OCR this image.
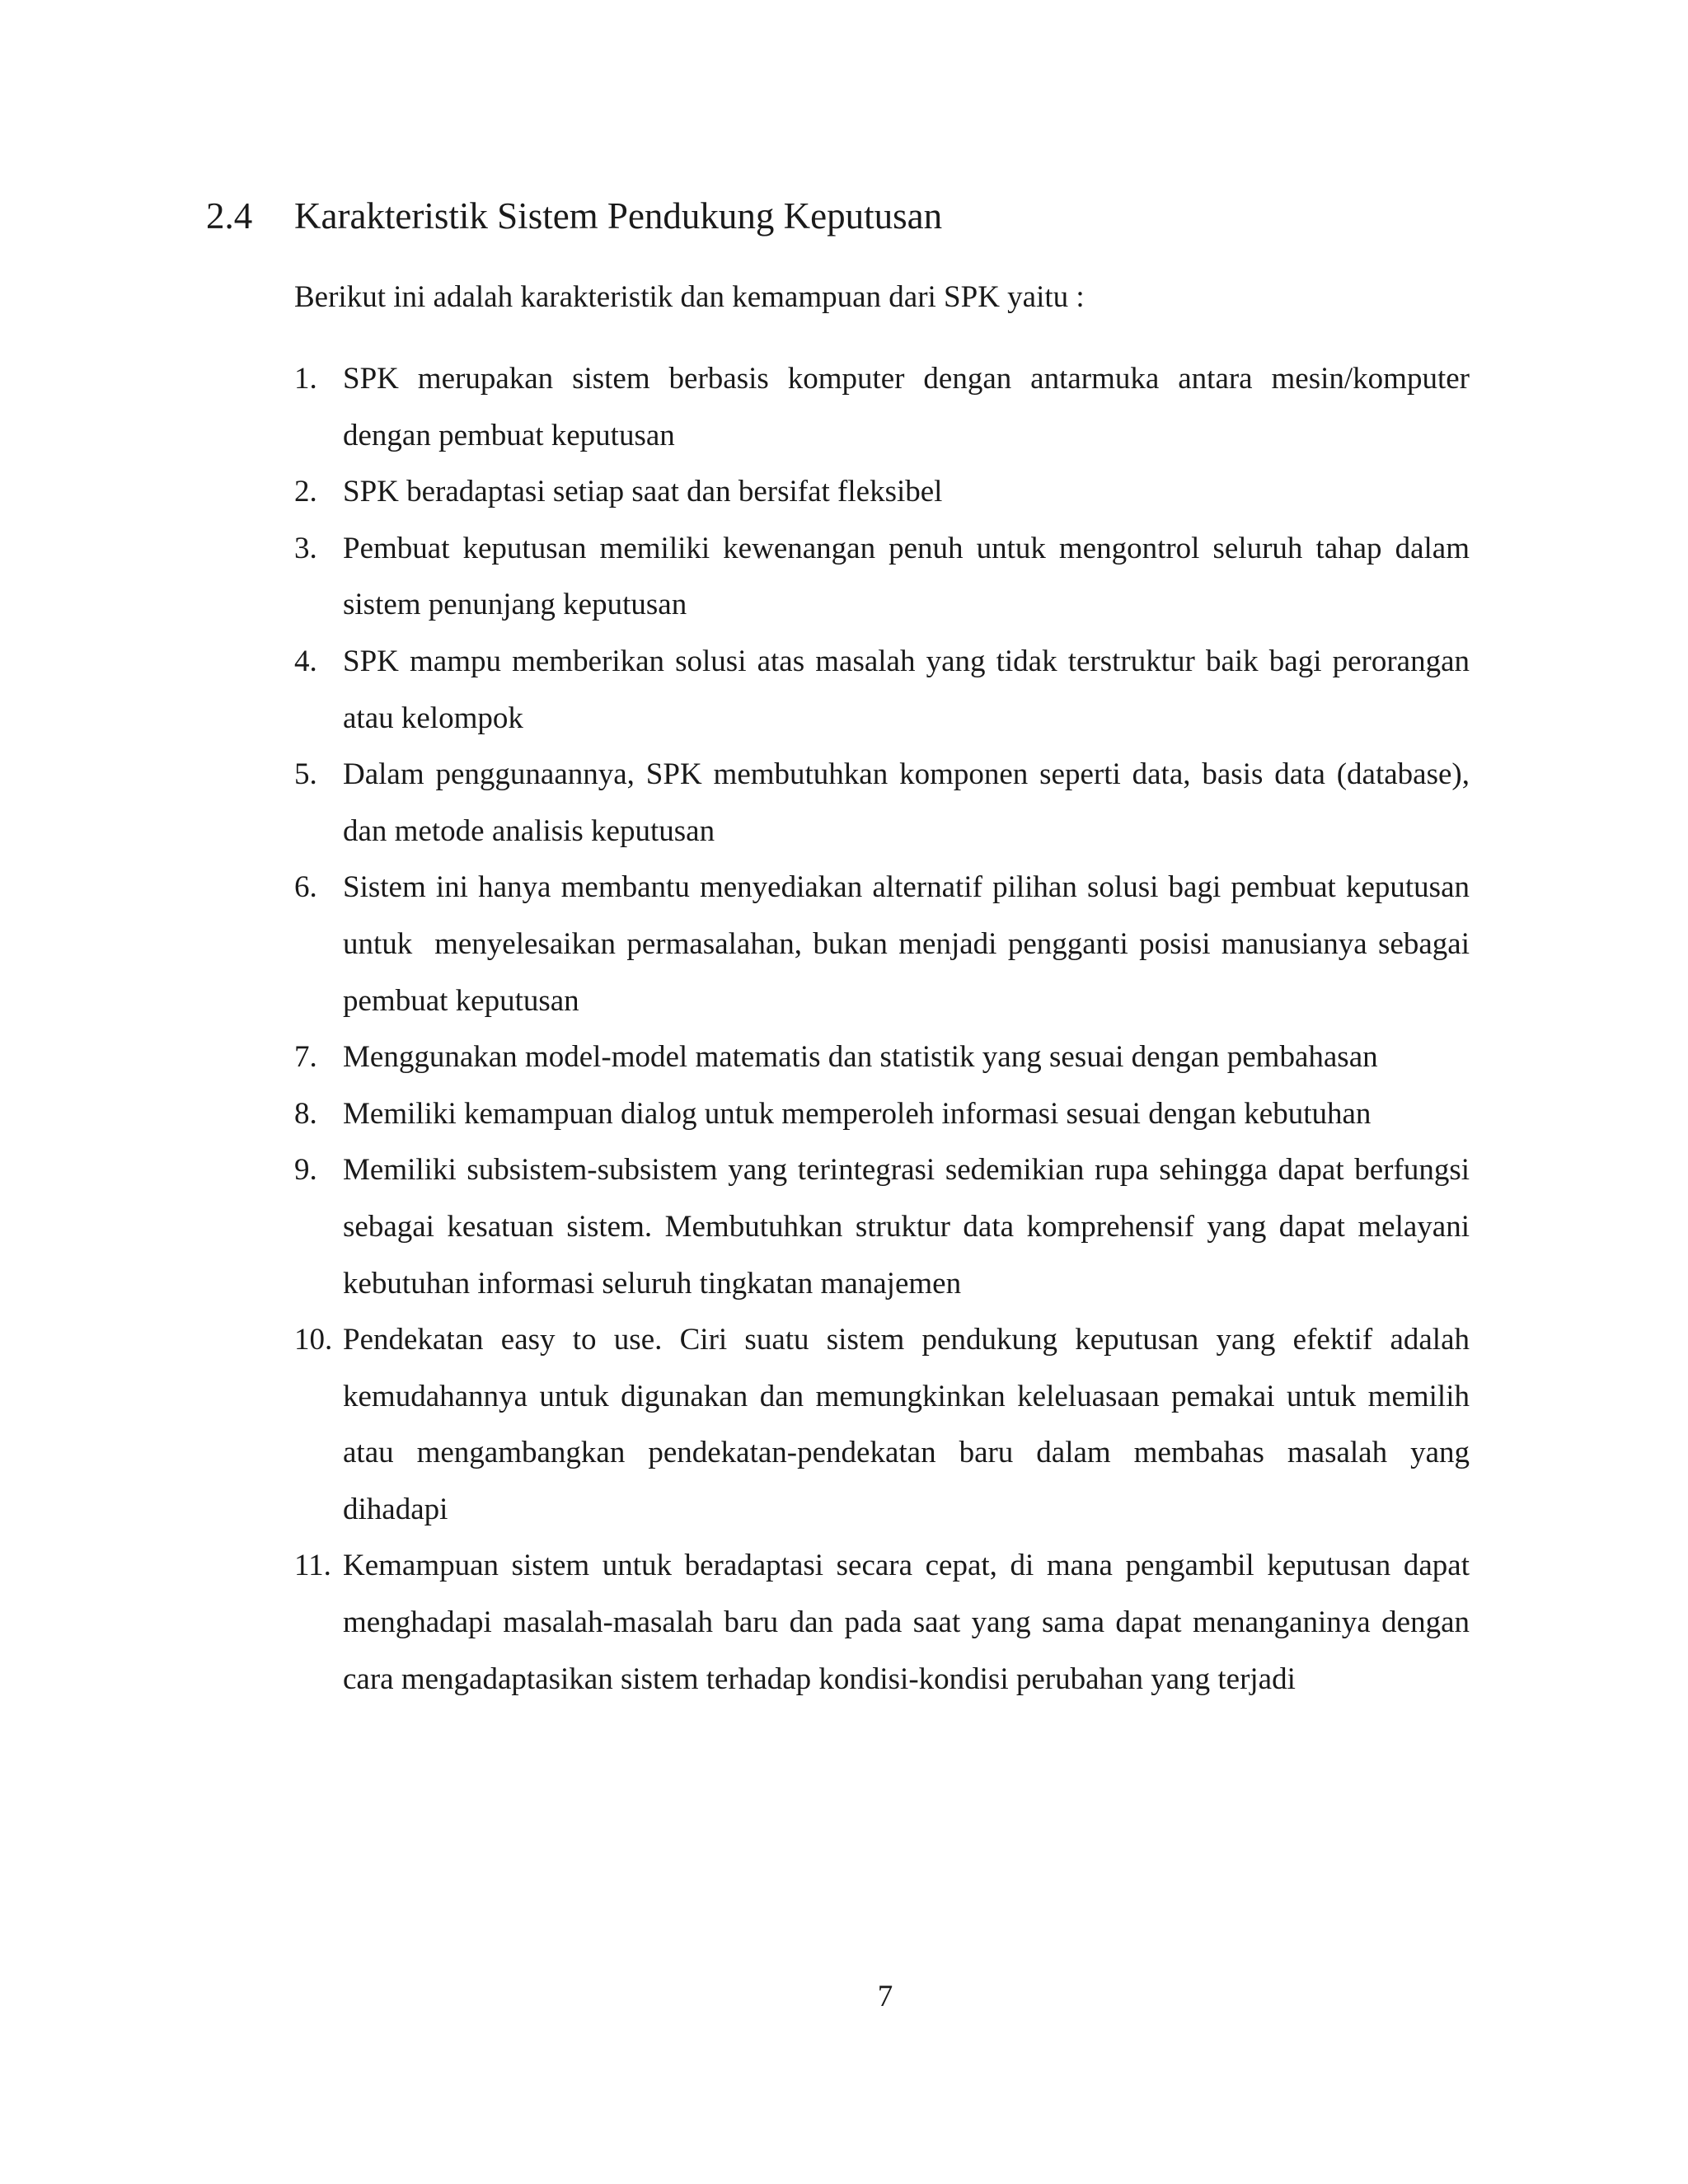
2.4 Karakteristik Sistem Pendukung Keputusan

Berikut ini adalah karakteristik dan kemampuan dari SPK yaitu :

1. SPK merupakan sistem berbasis komputer dengan antarmuka antara mesin/komputer dengan pembuat keputusan
2. SPK beradaptasi setiap saat dan bersifat fleksibel
3. Pembuat keputusan memiliki kewenangan penuh untuk mengontrol seluruh tahap dalam sistem penunjang keputusan
4. SPK mampu memberikan solusi atas masalah yang tidak terstruktur baik bagi perorangan atau kelompok
5. Dalam penggunaannya, SPK membutuhkan komponen seperti data, basis data (database), dan metode analisis keputusan
6. Sistem ini hanya membantu menyediakan alternatif pilihan solusi bagi pembuat keputusan untuk  menyelesaikan permasalahan, bukan menjadi pengganti posisi manusianya sebagai pembuat keputusan
7. Menggunakan model-model matematis dan statistik yang sesuai dengan pembahasan
8. Memiliki kemampuan dialog untuk memperoleh informasi sesuai dengan kebutuhan
9. Memiliki subsistem-subsistem yang terintegrasi sedemikian rupa sehingga dapat berfungsi sebagai kesatuan sistem. Membutuhkan struktur data komprehensif yang dapat melayani kebutuhan informasi seluruh tingkatan manajemen
10. Pendekatan easy to use. Ciri suatu sistem pendukung keputusan yang efektif adalah kemudahannya untuk digunakan dan memungkinkan keleluasaan pemakai untuk memilih atau mengambangkan pendekatan-pendekatan baru dalam membahas masalah yang dihadapi
11. Kemampuan sistem untuk beradaptasi secara cepat, di mana pengambil keputusan dapat menghadapi masalah-masalah baru dan pada saat yang sama dapat menanganinya dengan cara mengadaptasikan sistem terhadap kondisi-kondisi perubahan yang terjadi
7
